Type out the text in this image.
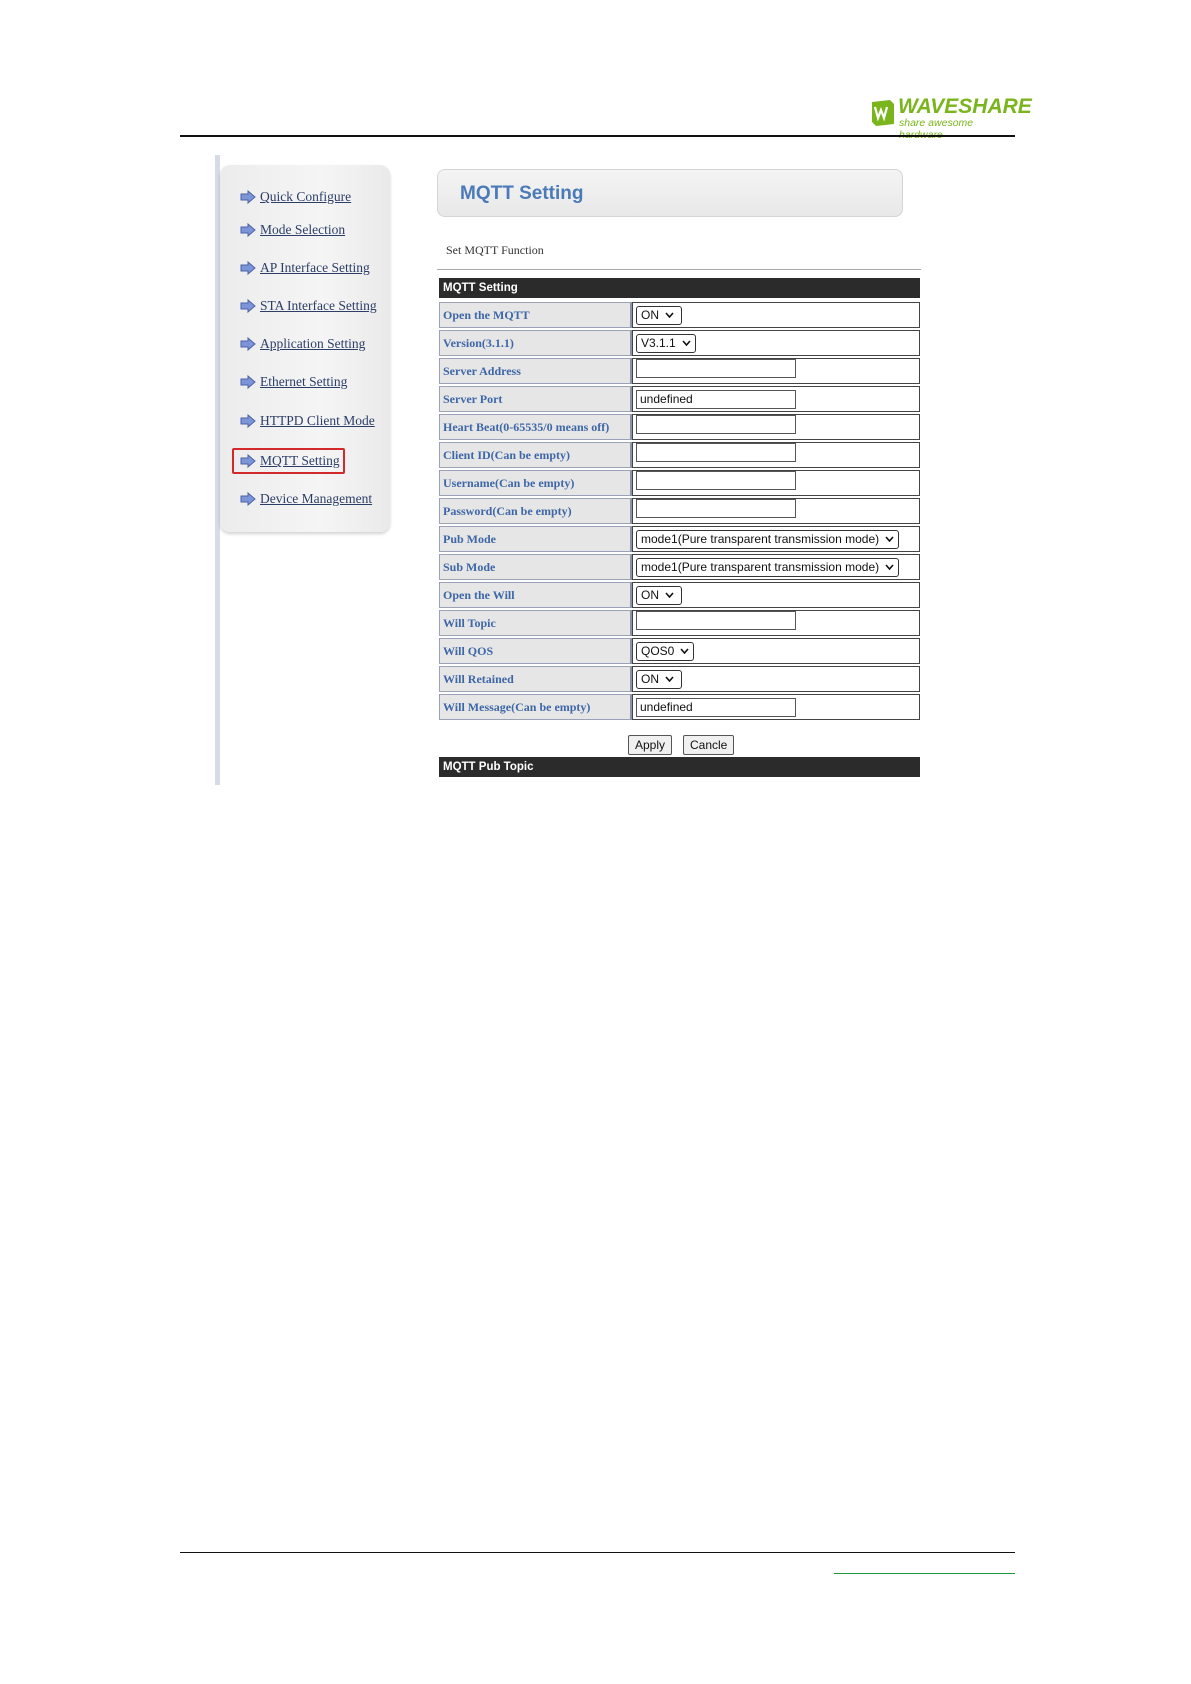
WAVESHARE
share awesome
Quick Configure
Mode Selection
AP Interface Setting
STA Interface Setting
Application Setting
Ethernet Setting
HTTPD Client Mode
MQTT Setting
Device Management
MQTT Setting
Set MQTT Function
MQTT Setting
Open the MQTT	ON

Version(3.1.1)	V3.1.1

Server Address	
Server Port	undefined
Heart Beat(0-65535/0 means off)	
Client ID(Can be empty)	
Username(Can be empty)	
Password(Can be empty)	
Pub Mode	mode1(Pure transparent transmission mode)

Sub Mode	mode1(Pure transparent transmission mode)

Open the Will	ON

Will Topic	
Will QOS	QOS0

Will Retained	ON

Will Message(Can be empty)	undefined
Apply	Cancle
MQTT Pub Topic
